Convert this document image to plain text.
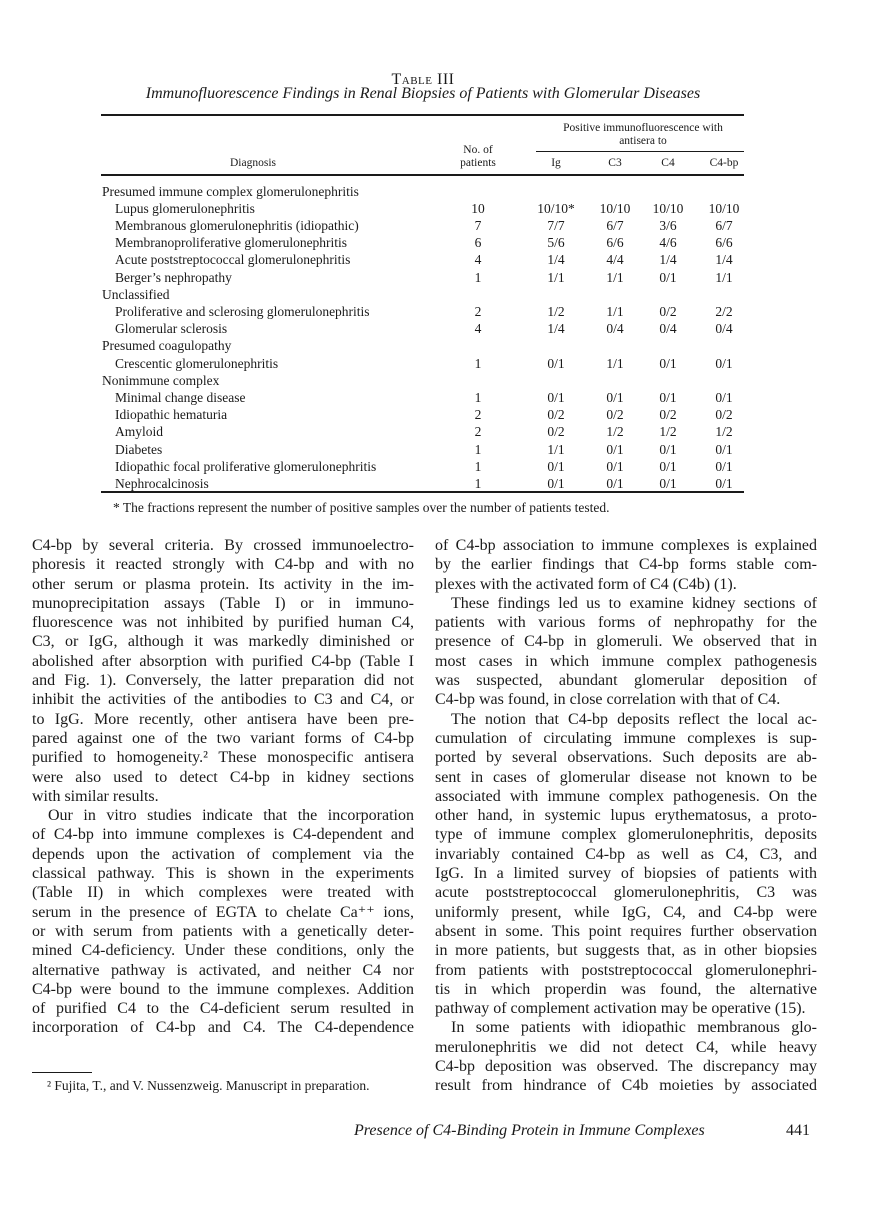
Table III
Immunofluorescence Findings in Renal Biopsies of Patients with Glomerular Diseases
Positive immunofluorescence with antisera to
Diagnosis
No. of patients	Ig	C3	C4	C4-bp
Presumed immune complex glomerulonephritis
Lupus glomerulonephritis	10	10/10*	10/10	10/10	10/10
Membranous glomerulonephritis (idiopathic)	7	7/7	6/7	3/6	6/7
Membranoproliferative glomerulonephritis	6	5/6	6/6	4/6	6/6
Acute poststreptococcal glomerulonephritis	4	1/4	4/4	1/4	1/4
Berger’s nephropathy	1	1/1	1/1	0/1	1/1
Unclassified
Proliferative and sclerosing glomerulonephritis	2	1/2	1/1	0/2	2/2
Glomerular sclerosis	4	1/4	0/4	0/4	0/4
Presumed coagulopathy
Crescentic glomerulonephritis	1	0/1	1/1	0/1	0/1
Nonimmune complex
Minimal change disease	1	0/1	0/1	0/1	0/1
Idiopathic hematuria	2	0/2	0/2	0/2	0/2
Amyloid	2	0/2	1/2	1/2	1/2
Diabetes	1	1/1	0/1	0/1	0/1
Idiopathic focal proliferative glomerulonephritis	1	0/1	0/1	0/1	0/1
Nephrocalcinosis	1	0/1	0/1	0/1	0/1
* The fractions represent the number of positive samples over the number of patients tested.
C4-bp by several criteria. By crossed immunoelectro-
phoresis it reacted strongly with C4-bp and with no
other serum or plasma protein. Its activity in the im-
munoprecipitation assays (Table I) or in immuno-
fluorescence was not inhibited by purified human C4,
C3, or IgG, although it was markedly diminished or
abolished after absorption with purified C4-bp (Table I
and Fig. 1). Conversely, the latter preparation did not
inhibit the activities of the antibodies to C3 and C4, or
to IgG. More recently, other antisera have been pre-
pared against one of the two variant forms of C4-bp
purified to homogeneity.² These monospecific antisera
were also used to detect C4-bp in kidney sections
with similar results.
Our in vitro studies indicate that the incorporation
of C4-bp into immune complexes is C4-dependent and
depends upon the activation of complement via the
classical pathway. This is shown in the experiments
(Table II) in which complexes were treated with
serum in the presence of EGTA to chelate Ca⁺⁺ ions,
or with serum from patients with a genetically deter-
mined C4-deficiency. Under these conditions, only the
alternative pathway is activated, and neither C4 nor
C4-bp were bound to the immune complexes. Addition
of purified C4 to the C4-deficient serum resulted in
incorporation of C4-bp and C4. The C4-dependence
of C4-bp association to immune complexes is explained
by the earlier findings that C4-bp forms stable com-
plexes with the activated form of C4 (C4b) (1).
These findings led us to examine kidney sections of
patients with various forms of nephropathy for the
presence of C4-bp in glomeruli. We observed that in
most cases in which immune complex pathogenesis
was suspected, abundant glomerular deposition of
C4-bp was found, in close correlation with that of C4.
The notion that C4-bp deposits reflect the local ac-
cumulation of circulating immune complexes is sup-
ported by several observations. Such deposits are ab-
sent in cases of glomerular disease not known to be
associated with immune complex pathogenesis. On the
other hand, in systemic lupus erythematosus, a proto-
type of immune complex glomerulonephritis, deposits
invariably contained C4-bp as well as C4, C3, and
IgG. In a limited survey of biopsies of patients with
acute poststreptococcal glomerulonephritis, C3 was
uniformly present, while IgG, C4, and C4-bp were
absent in some. This point requires further observation
in more patients, but suggests that, as in other biopsies
from patients with poststreptococcal glomerulonephri-
tis in which properdin was found, the alternative
pathway of complement activation may be operative (15).
In some patients with idiopathic membranous glo-
merulonephritis we did not detect C4, while heavy
C4-bp deposition was observed. The discrepancy may
result from hindrance of C4b moieties by associated
² Fujita, T., and V. Nussenzweig. Manuscript in preparation.
Presence of C4-Binding Protein in Immune Complexes	441
